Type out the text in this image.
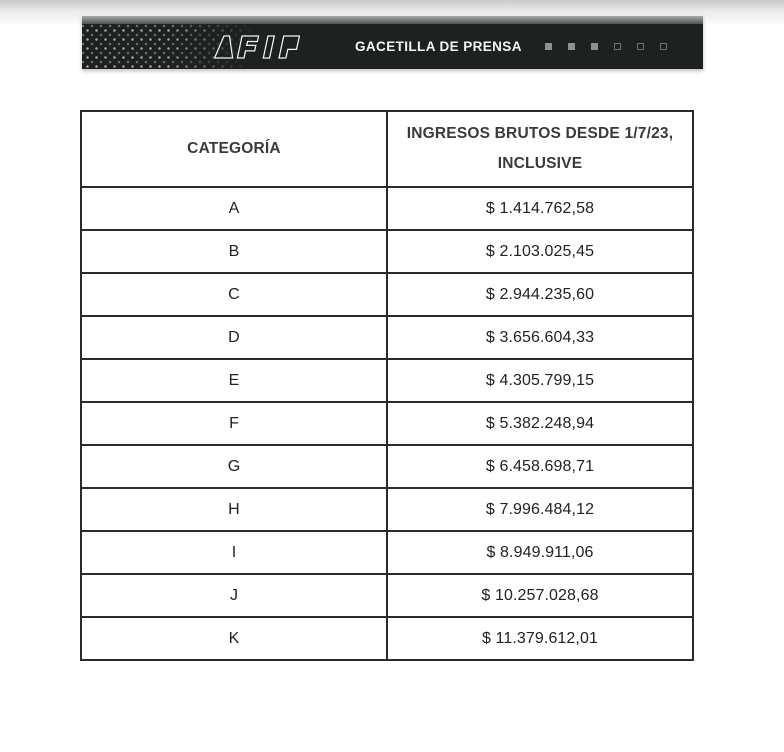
GACETILLA DE PRENSA
CATEGORÍA	INGRESOS BRUTOS DESDE 1/7/23, INCLUSIVE
A	$ 1.414.762,58
B	$ 2.103.025,45
C	$ 2.944.235,60
D	$ 3.656.604,33
E	$ 4.305.799,15
F	$ 5.382.248,94
G	$ 6.458.698,71
H	$ 7.996.484,12
I	$ 8.949.911,06
J	$ 10.257.028,68
K	$ 11.379.612,01
